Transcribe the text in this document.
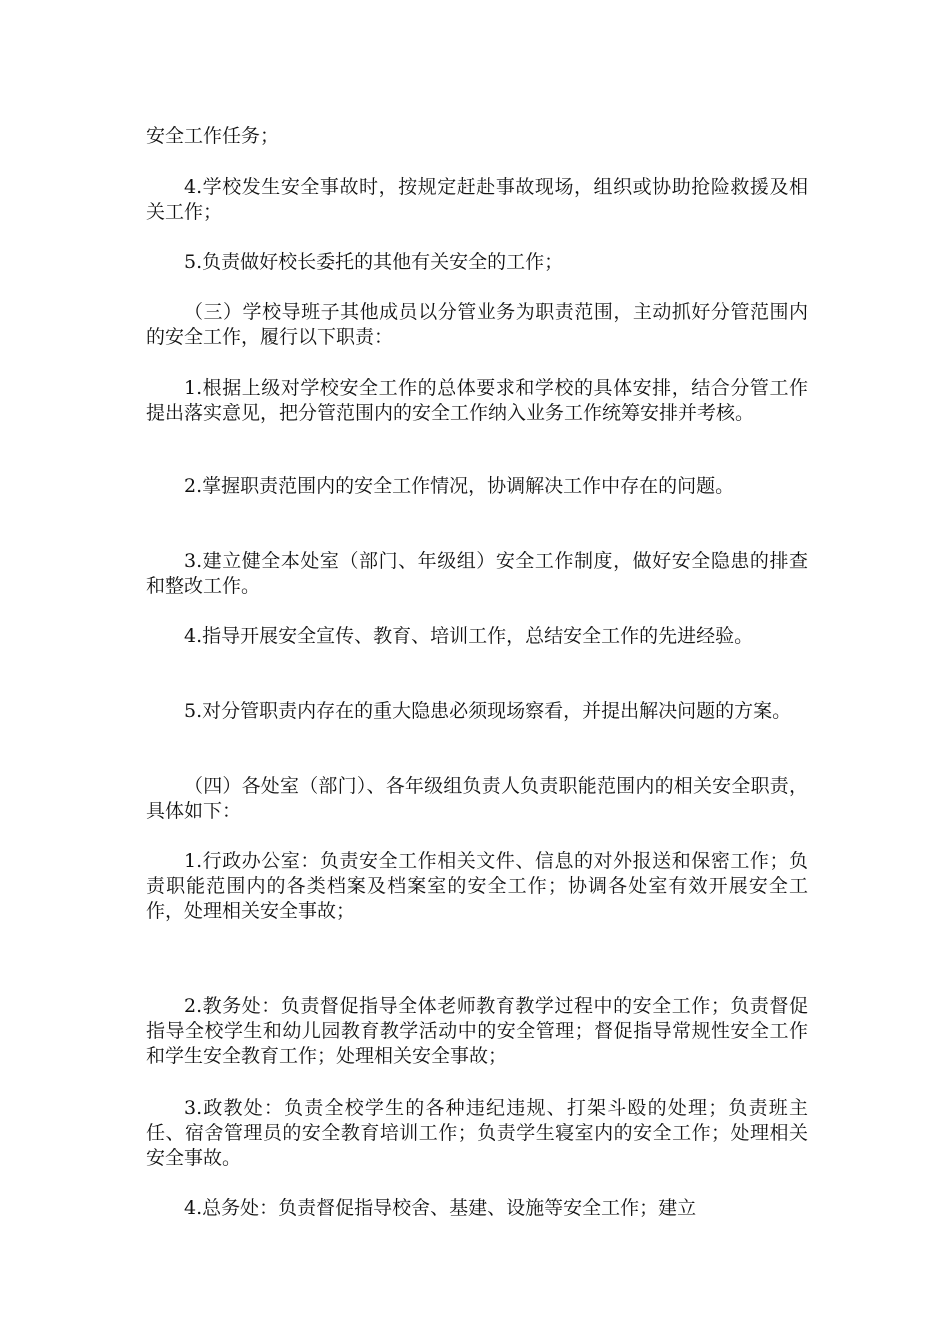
安全工作任务；

4.学校发生安全事故时，按规定赶赴事故现场，组织或协助抢险救援及相关工作；

5.负责做好校长委托的其他有关安全的工作；

（三）学校导班子其他成员以分管业务为职责范围，主动抓好分管范围内的安全工作，履行以下职责：

1.根据上级对学校安全工作的总体要求和学校的具体安排，结合分管工作提出落实意见，把分管范围内的安全工作纳入业务工作统筹安排并考核。

2.掌握职责范围内的安全工作情况，协调解决工作中存在的问题。

3.建立健全本处室（部门、年级组）安全工作制度，做好安全隐患的排查和整改工作。

4.指导开展安全宣传、教育、培训工作，总结安全工作的先进经验。

5.对分管职责内存在的重大隐患必须现场察看，并提出解决问题的方案。

（四）各处室（部门）、各年级组负责人负责职能范围内的相关安全职责，具体如下：

1.行政办公室：负责安全工作相关文件、信息的对外报送和保密工作；负责职能范围内的各类档案及档案室的安全工作；协调各处室有效开展安全工作，处理相关安全事故；

2.教务处：负责督促指导全体老师教育教学过程中的安全工作；负责督促指导全校学生和幼儿园教育教学活动中的安全管理；督促指导常规性安全工作和学生安全教育工作；处理相关安全事故；

3.政教处：负责全校学生的各种违纪违规、打架斗殴的处理；负责班主任、宿舍管理员的安全教育培训工作；负责学生寝室内的安全工作；处理相关安全事故。

4.总务处：负责督促指导校舍、基建、设施等安全工作；建立
